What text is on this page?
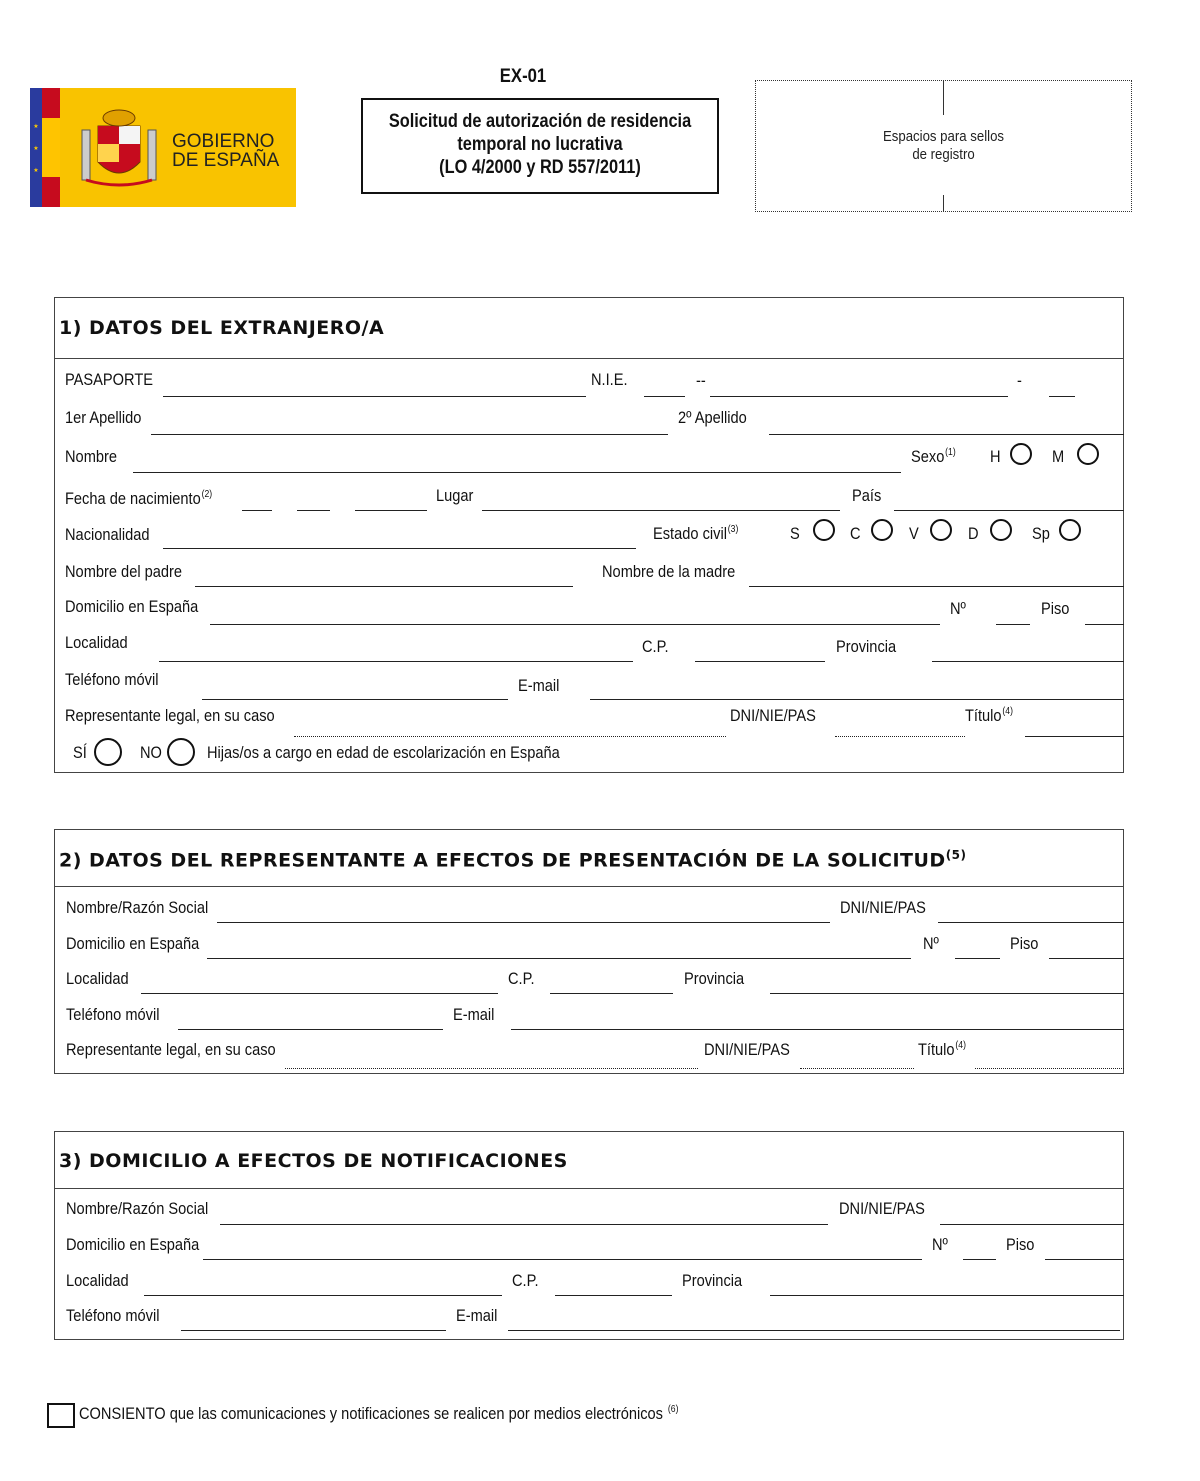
★
★
★
GOBIERNO
DE ESPAÑA
EX-01
Solicitud de autorización de residencia
temporal no lucrativa
(LO 4/2000 y RD 557/2011)
Espacios para sellos
de registro
1) DATOS DEL EXTRANJERO/A
PASAPORTE	N.I.E.	--	-
1er Apellido	2º Apellido
Nombre	Sexo$^{(1)}$ H	M
Fecha de nacimiento$^{(2)}$	Lugar	País
Nacionalidad	Estado civil$^{(3)}$	S	C	V	D	Sp
Nombre del padre	Nombre de la madre
Domicilio en España	Nº	Piso
Localidad	C.P.	Provincia
Teléfono móvil	E-mail
Representante legal, en su caso	DNI/NIE/PAS	Título$^{(4)}$
SÍ	NO	Hijas/os a cargo en edad de escolarización en España
2) DATOS DEL REPRESENTANTE A EFECTOS DE PRESENTACIÓN DE LA SOLICITUD$^{(5)}$
Nombre/Razón Social	DNI/NIE/PAS
Domicilio en España	Nº	Piso
Localidad	C.P.	Provincia
Teléfono móvil	E-mail
Representante legal, en su caso	DNI/NIE/PAS	Título$^{(4)}$
3) DOMICILIO A EFECTOS DE NOTIFICACIONES
Nombre/Razón Social	DNI/NIE/PAS
Domicilio en España	Nº	Piso
Localidad	C.P.	Provincia
Teléfono móvil	E-mail
CONSIENTO que las comunicaciones y notificaciones se realicen por medios electrónicos $^{(6)}$
